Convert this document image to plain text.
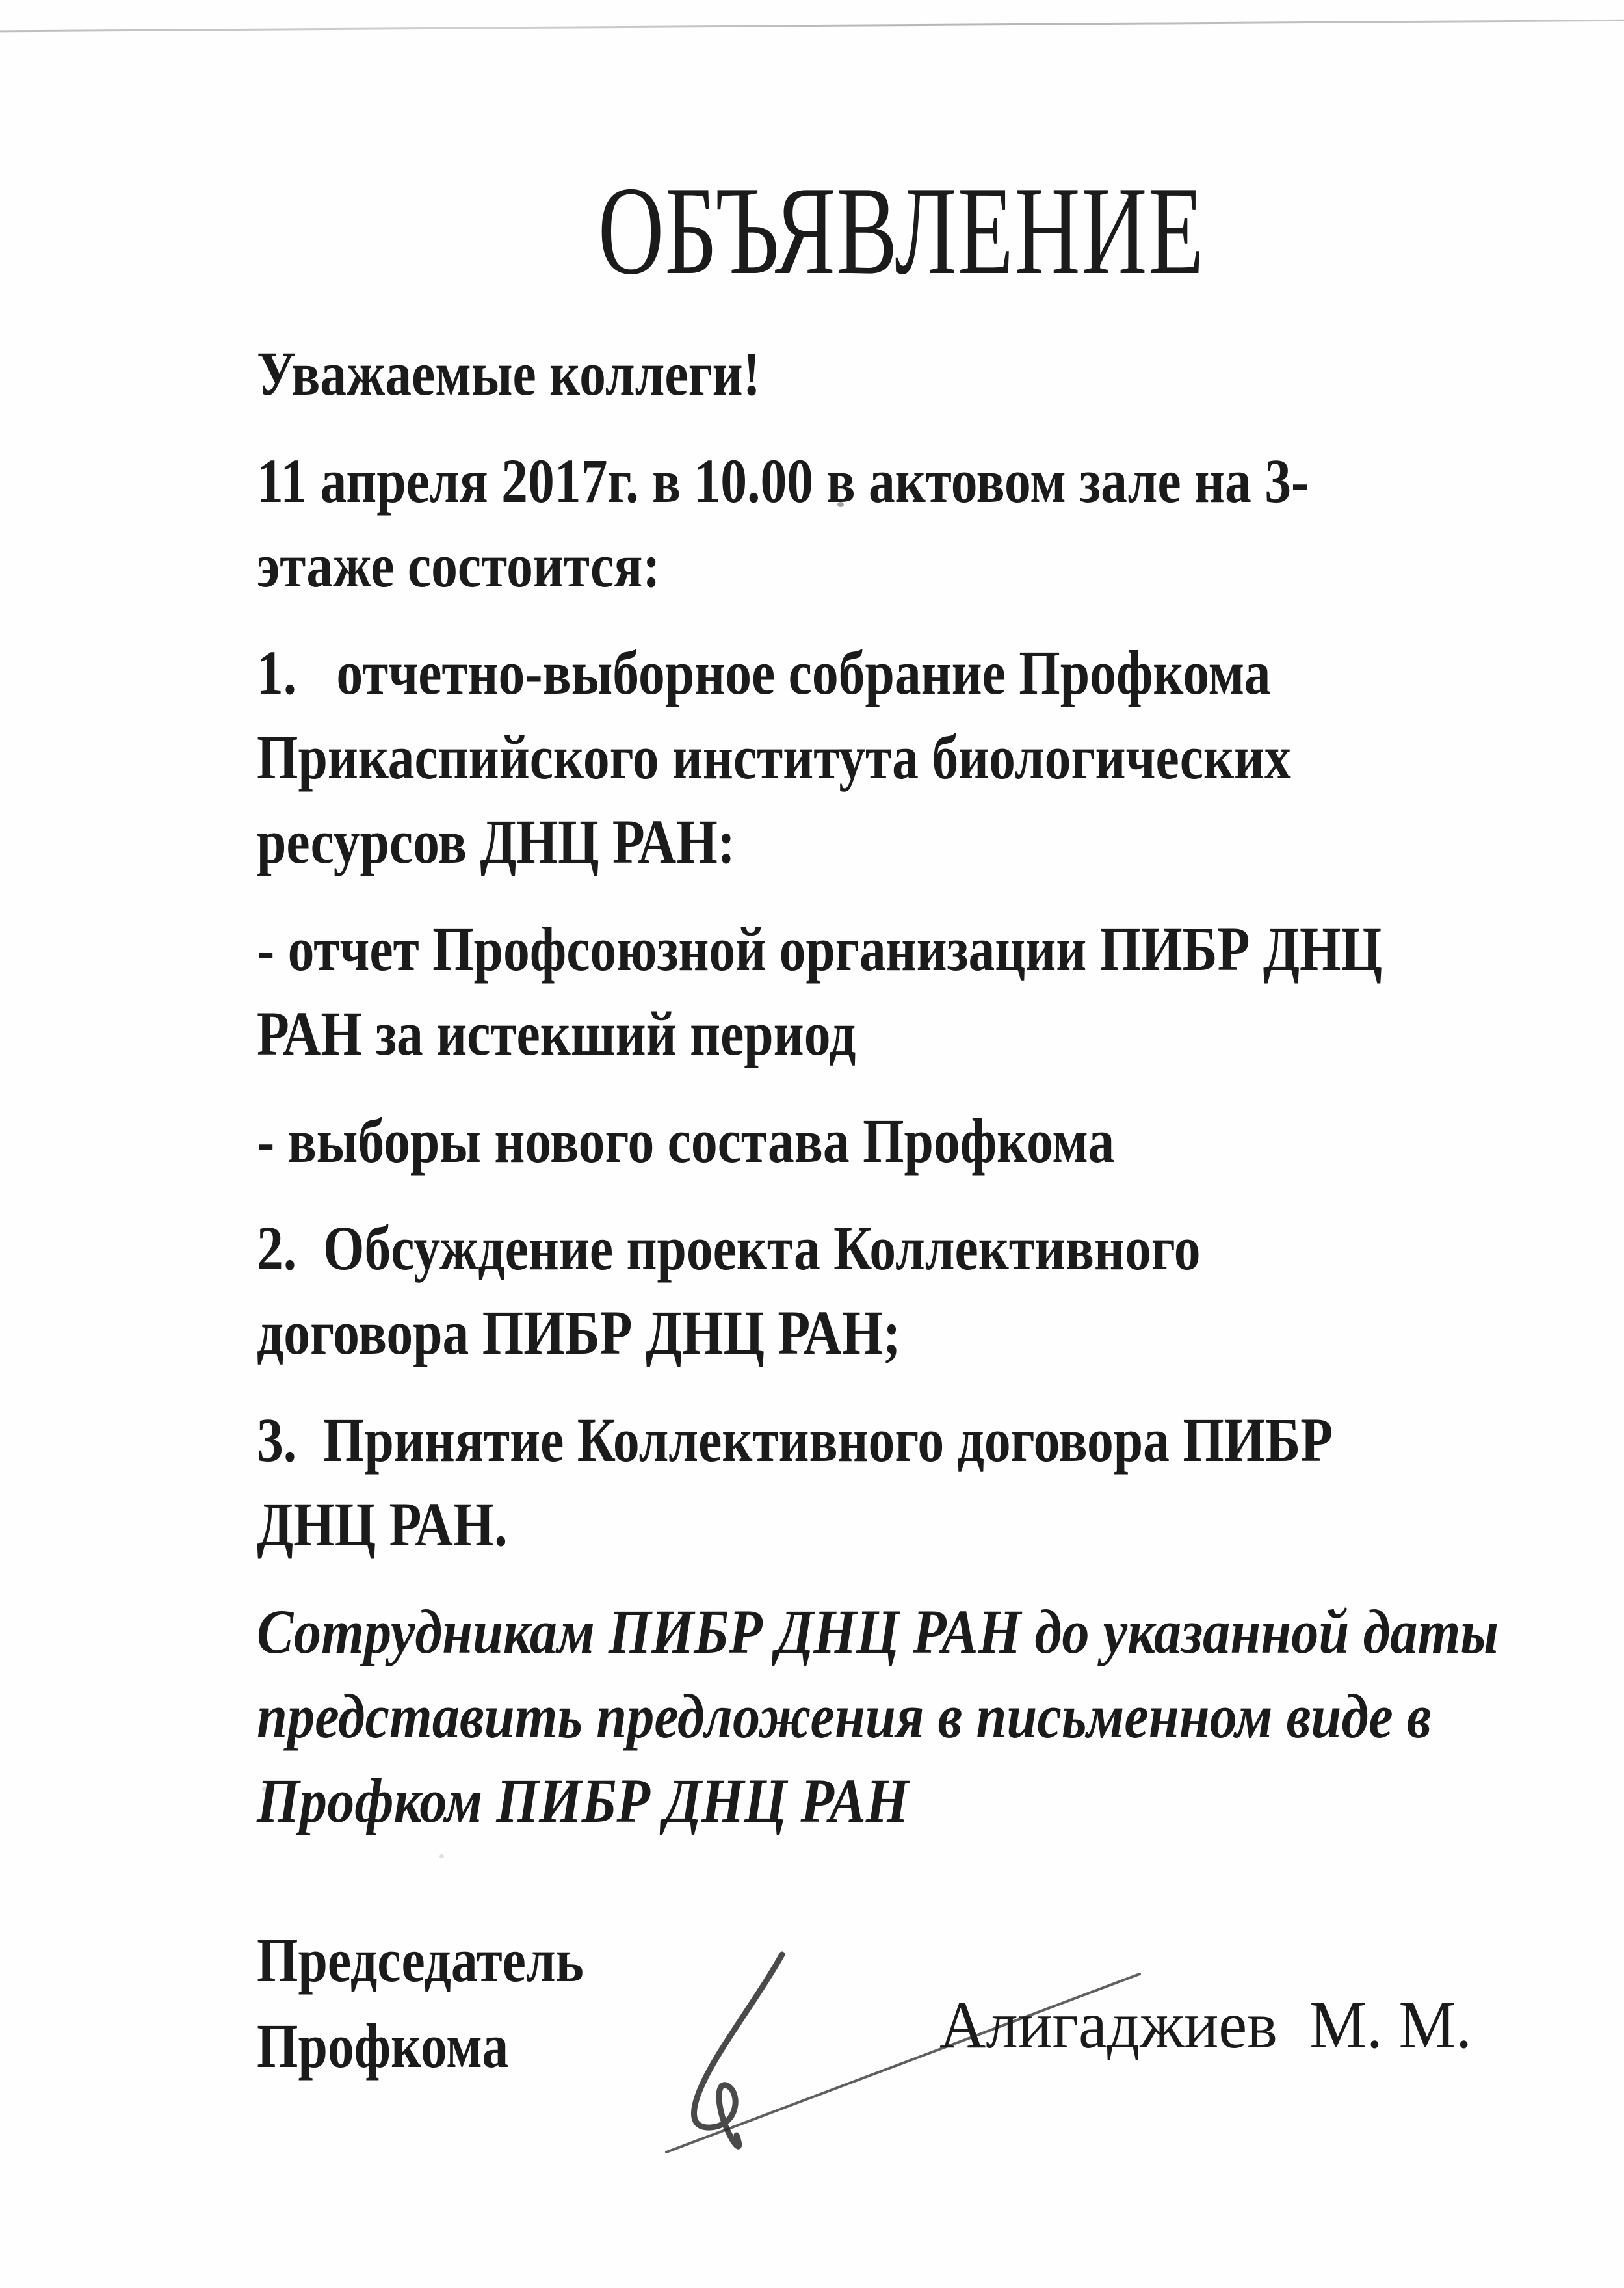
ОБЪЯВЛЕНИЕ
Уважаемые коллеги!
11 апреля 2017г. в 10.00 в актовом зале на 3-
этаже состоится:
1.   отчетно-выборное собрание Профкома
Прикаспийского института биологических
ресурсов ДНЦ РАН:
- отчет Профсоюзной организации ПИБР ДНЦ
РАН за истекший период
- выборы нового состава Профкома
2.  Обсуждение проекта Коллективного
договора ПИБР ДНЦ РАН;
3.  Принятие Коллективного договора ПИБР
ДНЦ РАН.
Сотрудникам ПИБР ДНЦ РАН до указанной даты
представить предложения в письменном виде в
Профком ПИБР ДНЦ РАН
Председатель
Профкома	Алигаджиев  М. М.
